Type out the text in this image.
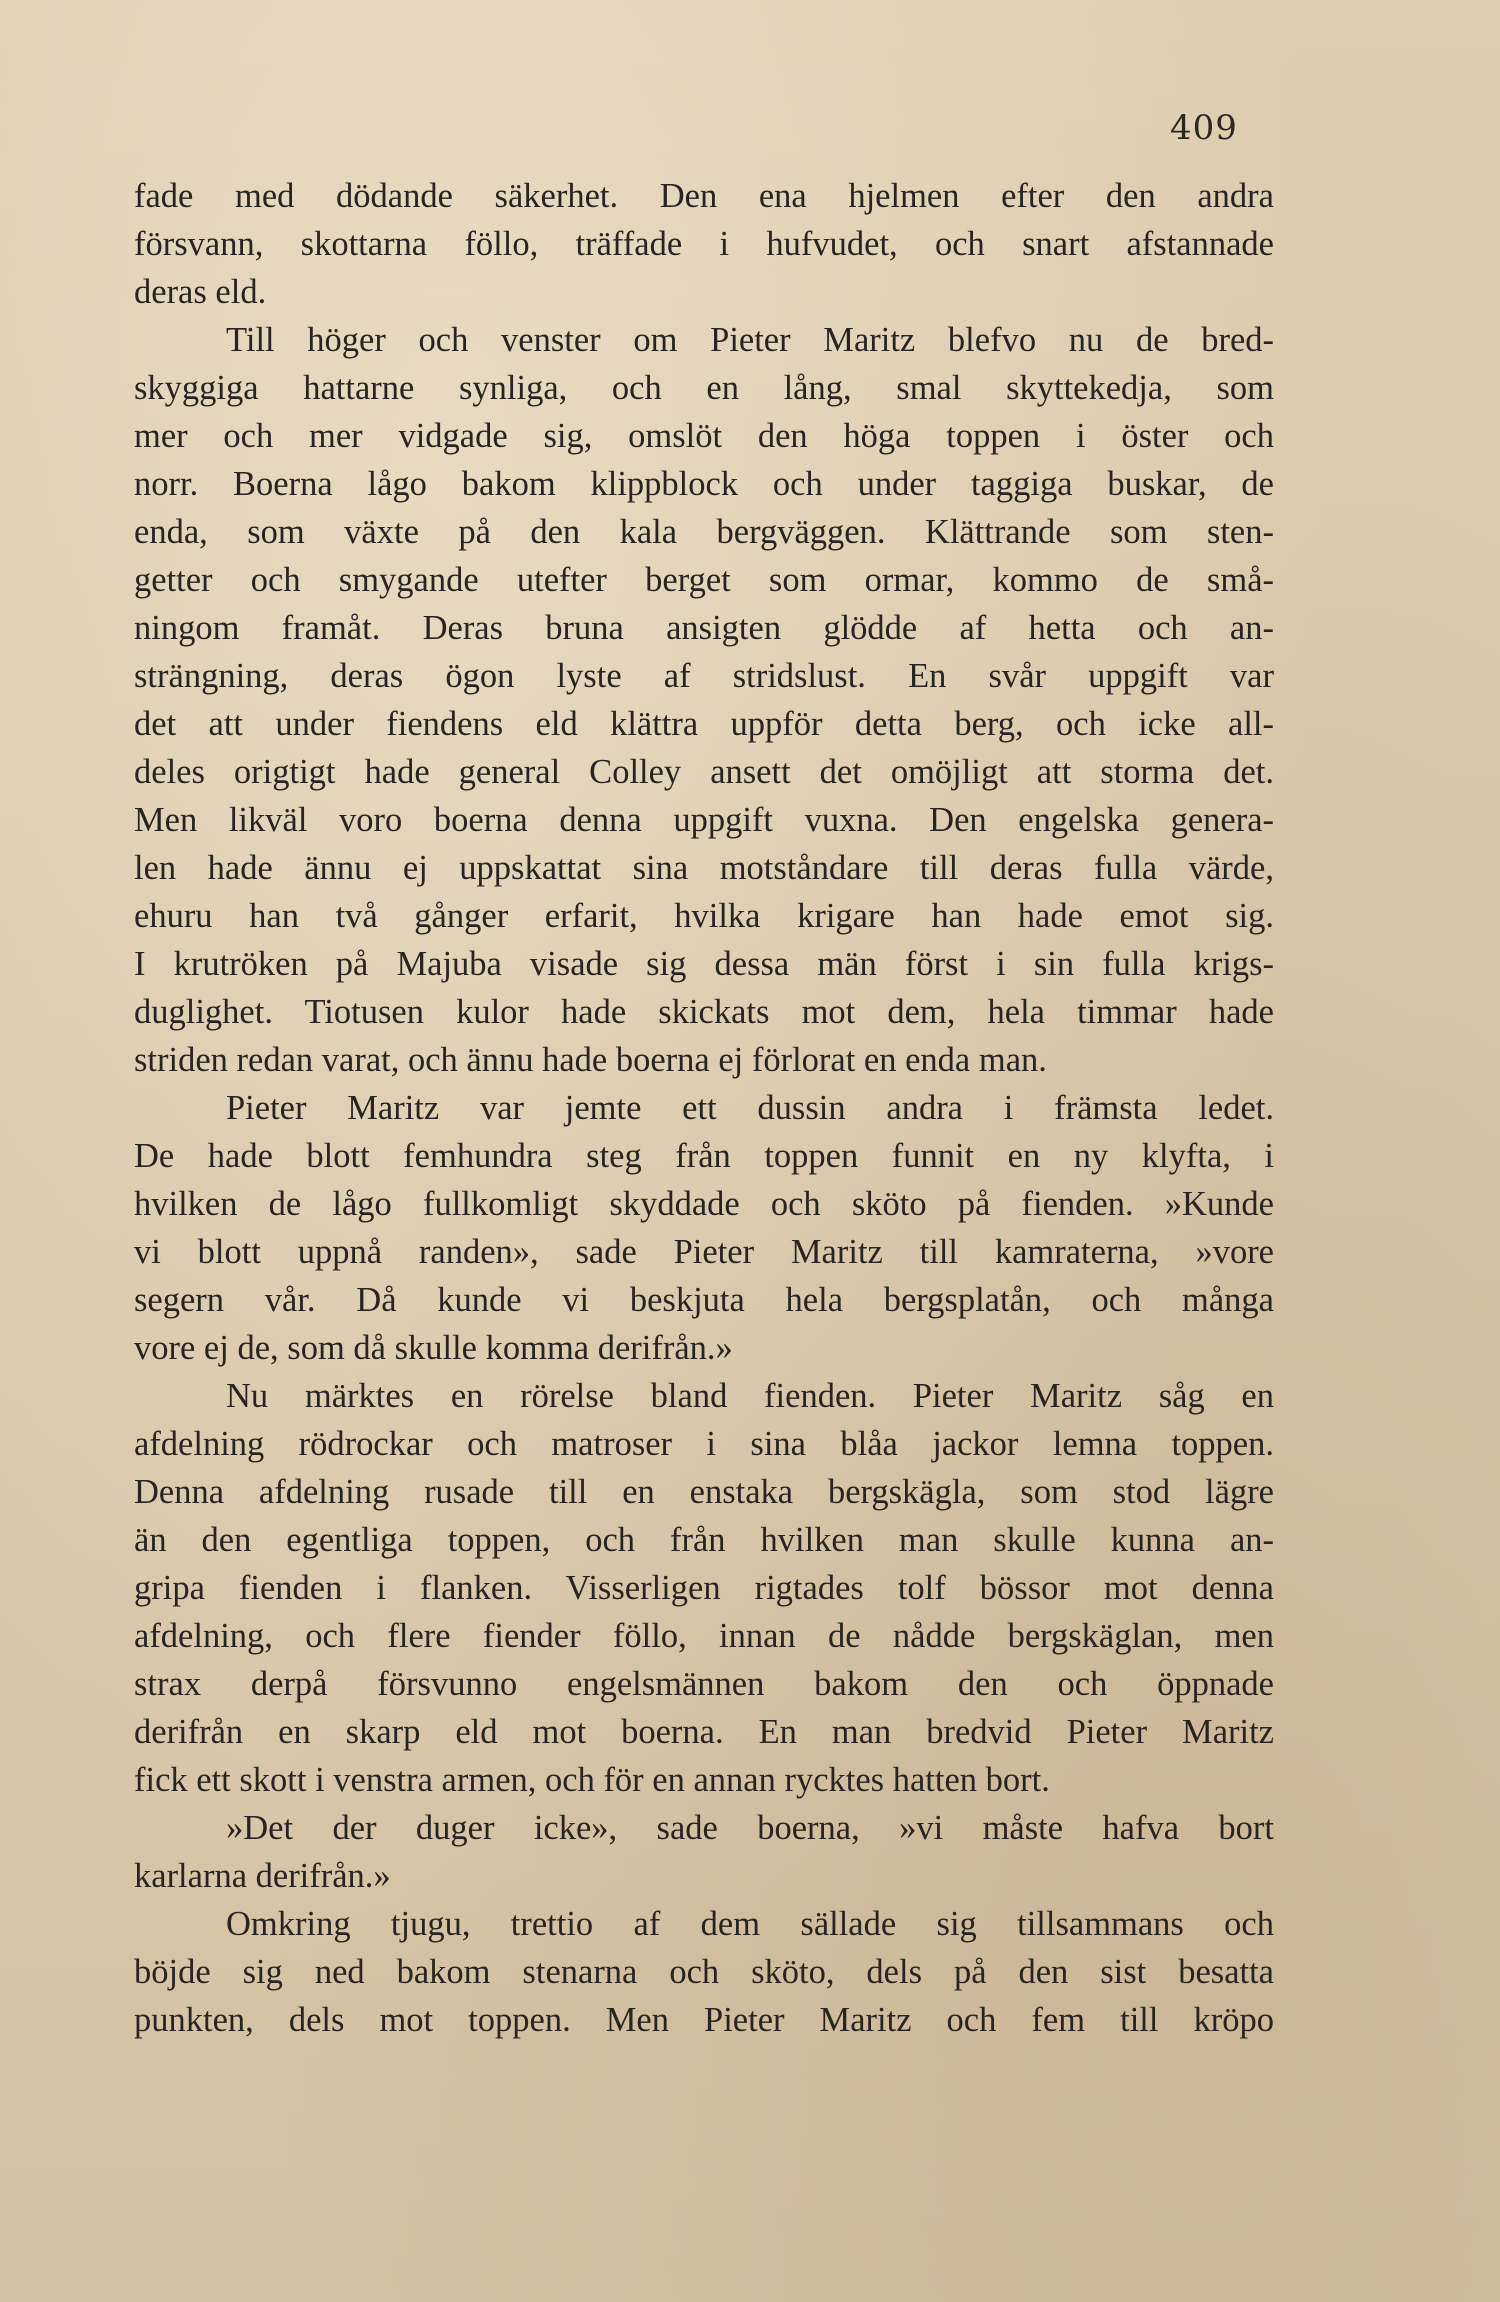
409
fade med dödande säkerhet. Den ena hjelmen efter den andra
försvann, skottarna föllo, träffade i hufvudet, och snart afstannade
deras eld.
Till höger och venster om Pieter Maritz blefvo nu de bred-
skyggiga hattarne synliga, och en lång, smal skyttekedja, som
mer och mer vidgade sig, omslöt den höga toppen i öster och
norr. Boerna lågo bakom klippblock och under taggiga buskar, de
enda, som växte på den kala bergväggen. Klättrande som sten-
getter och smygande utefter berget som ormar, kommo de små-
ningom framåt. Deras bruna ansigten glödde af hetta och an-
strängning, deras ögon lyste af stridslust. En svår uppgift var
det att under fiendens eld klättra uppför detta berg, och icke all-
deles origtigt hade general Colley ansett det omöjligt att storma det.
Men likväl voro boerna denna uppgift vuxna. Den engelska genera-
len hade ännu ej uppskattat sina motståndare till deras fulla värde,
ehuru han två gånger erfarit, hvilka krigare han hade emot sig.
I krutröken på Majuba visade sig dessa män först i sin fulla krigs-
duglighet. Tiotusen kulor hade skickats mot dem, hela timmar hade
striden redan varat, och ännu hade boerna ej förlorat en enda man.
Pieter Maritz var jemte ett dussin andra i främsta ledet.
De hade blott femhundra steg från toppen funnit en ny klyfta, i
hvilken de lågo fullkomligt skyddade och sköto på fienden. »Kunde
vi blott uppnå randen», sade Pieter Maritz till kamraterna, »vore
segern vår. Då kunde vi beskjuta hela bergsplatån, och många
vore ej de, som då skulle komma derifrån.»
Nu märktes en rörelse bland fienden. Pieter Maritz såg en
afdelning rödrockar och matroser i sina blåa jackor lemna toppen.
Denna afdelning rusade till en enstaka bergskägla, som stod lägre
än den egentliga toppen, och från hvilken man skulle kunna an-
gripa fienden i flanken. Visserligen rigtades tolf bössor mot denna
afdelning, och flere fiender föllo, innan de nådde bergskäglan, men
strax derpå försvunno engelsmännen bakom den och öppnade
derifrån en skarp eld mot boerna. En man bredvid Pieter Maritz
fick ett skott i venstra armen, och för en annan rycktes hatten bort.
»Det der duger icke», sade boerna, »vi måste hafva bort
karlarna derifrån.»
Omkring tjugu, trettio af dem sällade sig tillsammans och
böjde sig ned bakom stenarna och sköto, dels på den sist besatta
punkten, dels mot toppen. Men Pieter Maritz och fem till kröpo
